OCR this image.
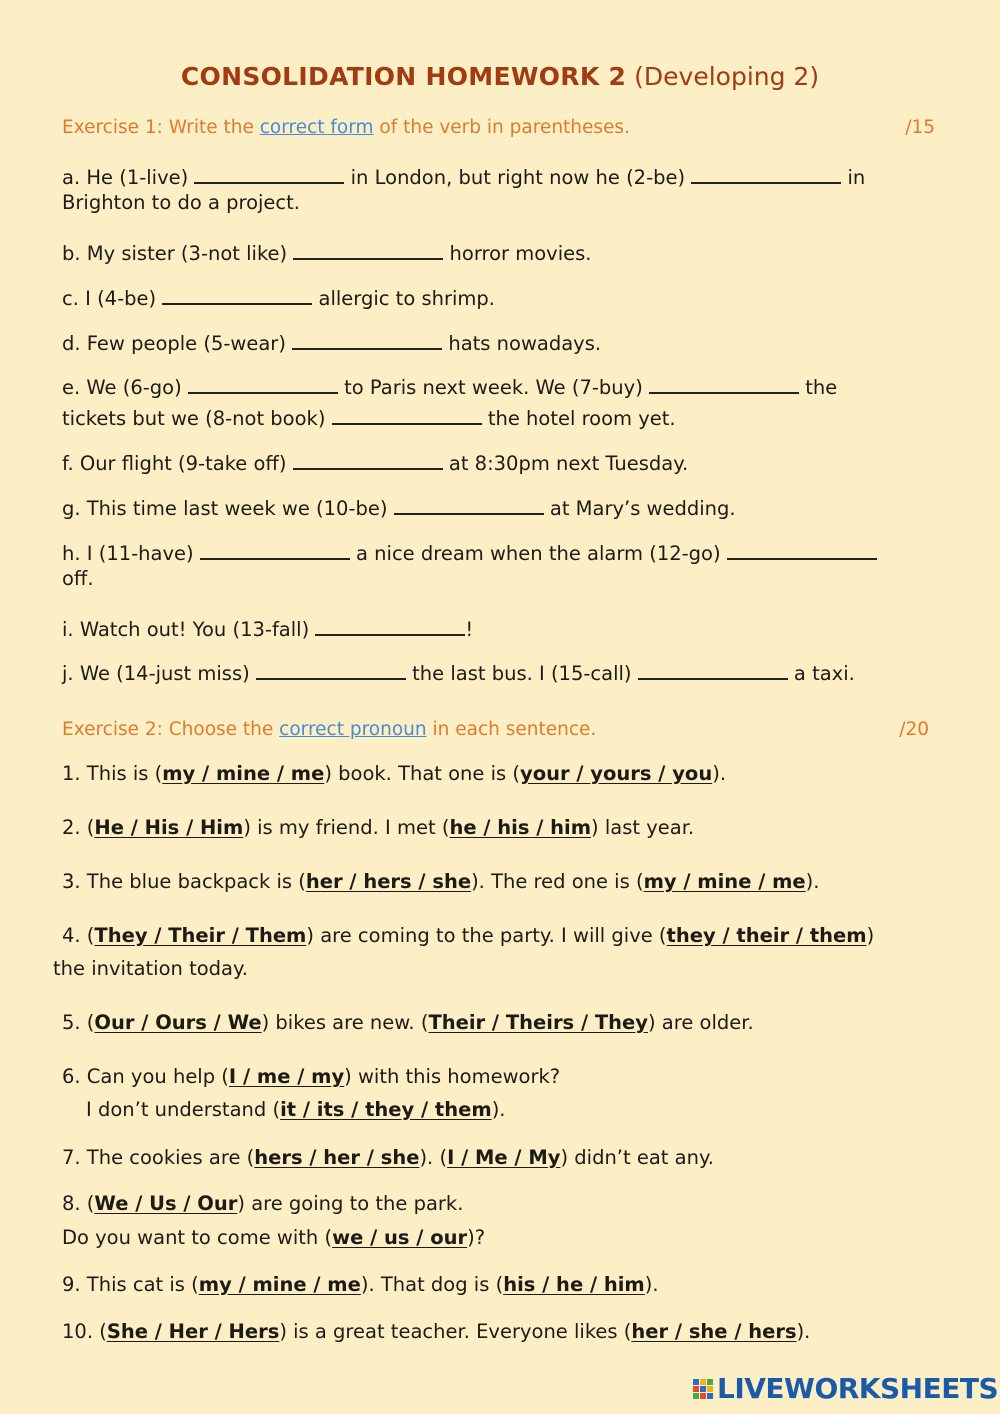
CONSOLIDATION HOMEWORK 2 (Developing 2)
Exercise 1: Write the correct form of the verb in parentheses.	/15
a. He (1-live)	in London, but right now he (2-be)	in
Brighton to do a project.
b. My sister (3-not like)	horror movies.
c. I (4-be)	allergic to shrimp.
d. Few people (5-wear)	hats nowadays.
e. We (6-go)	to Paris next week. We (7-buy)	the
tickets but we (8-not book)	the hotel room yet.
f. Our flight (9-take off)	at 8:30pm next Tuesday.
g. This time last week we (10-be)	at Mary’s wedding.
h. I (11-have)	a nice dream when the alarm (12-go)
off.
i. Watch out! You (13-fall)	!
j. We (14-just miss)	the last bus. I (15-call)	a taxi.
Exercise 2: Choose the correct pronoun in each sentence.	/20
1. This is (my / mine / me) book. That one is (your / yours / you).
2. (He / His / Him) is my friend. I met (he / his / him) last year.
3. The blue backpack is (her / hers / she). The red one is (my / mine / me).
4. (They / Their / Them) are coming to the party. I will give (they / their / them)
the invitation today.
5. (Our / Ours / We) bikes are new. (Their / Theirs / They) are older.
6. Can you help (I / me / my) with this homework?
I don’t understand (it / its / they / them).
7. The cookies are (hers / her / she). (I / Me / My) didn’t eat any.
8. (We / Us / Our) are going to the park.
Do you want to come with (we / us / our)?
9. This cat is (my / mine / me). That dog is (his / he / him).
10. (She / Her / Hers) is a great teacher. Everyone likes (her / she / hers).
LIVEWORKSHEETS
